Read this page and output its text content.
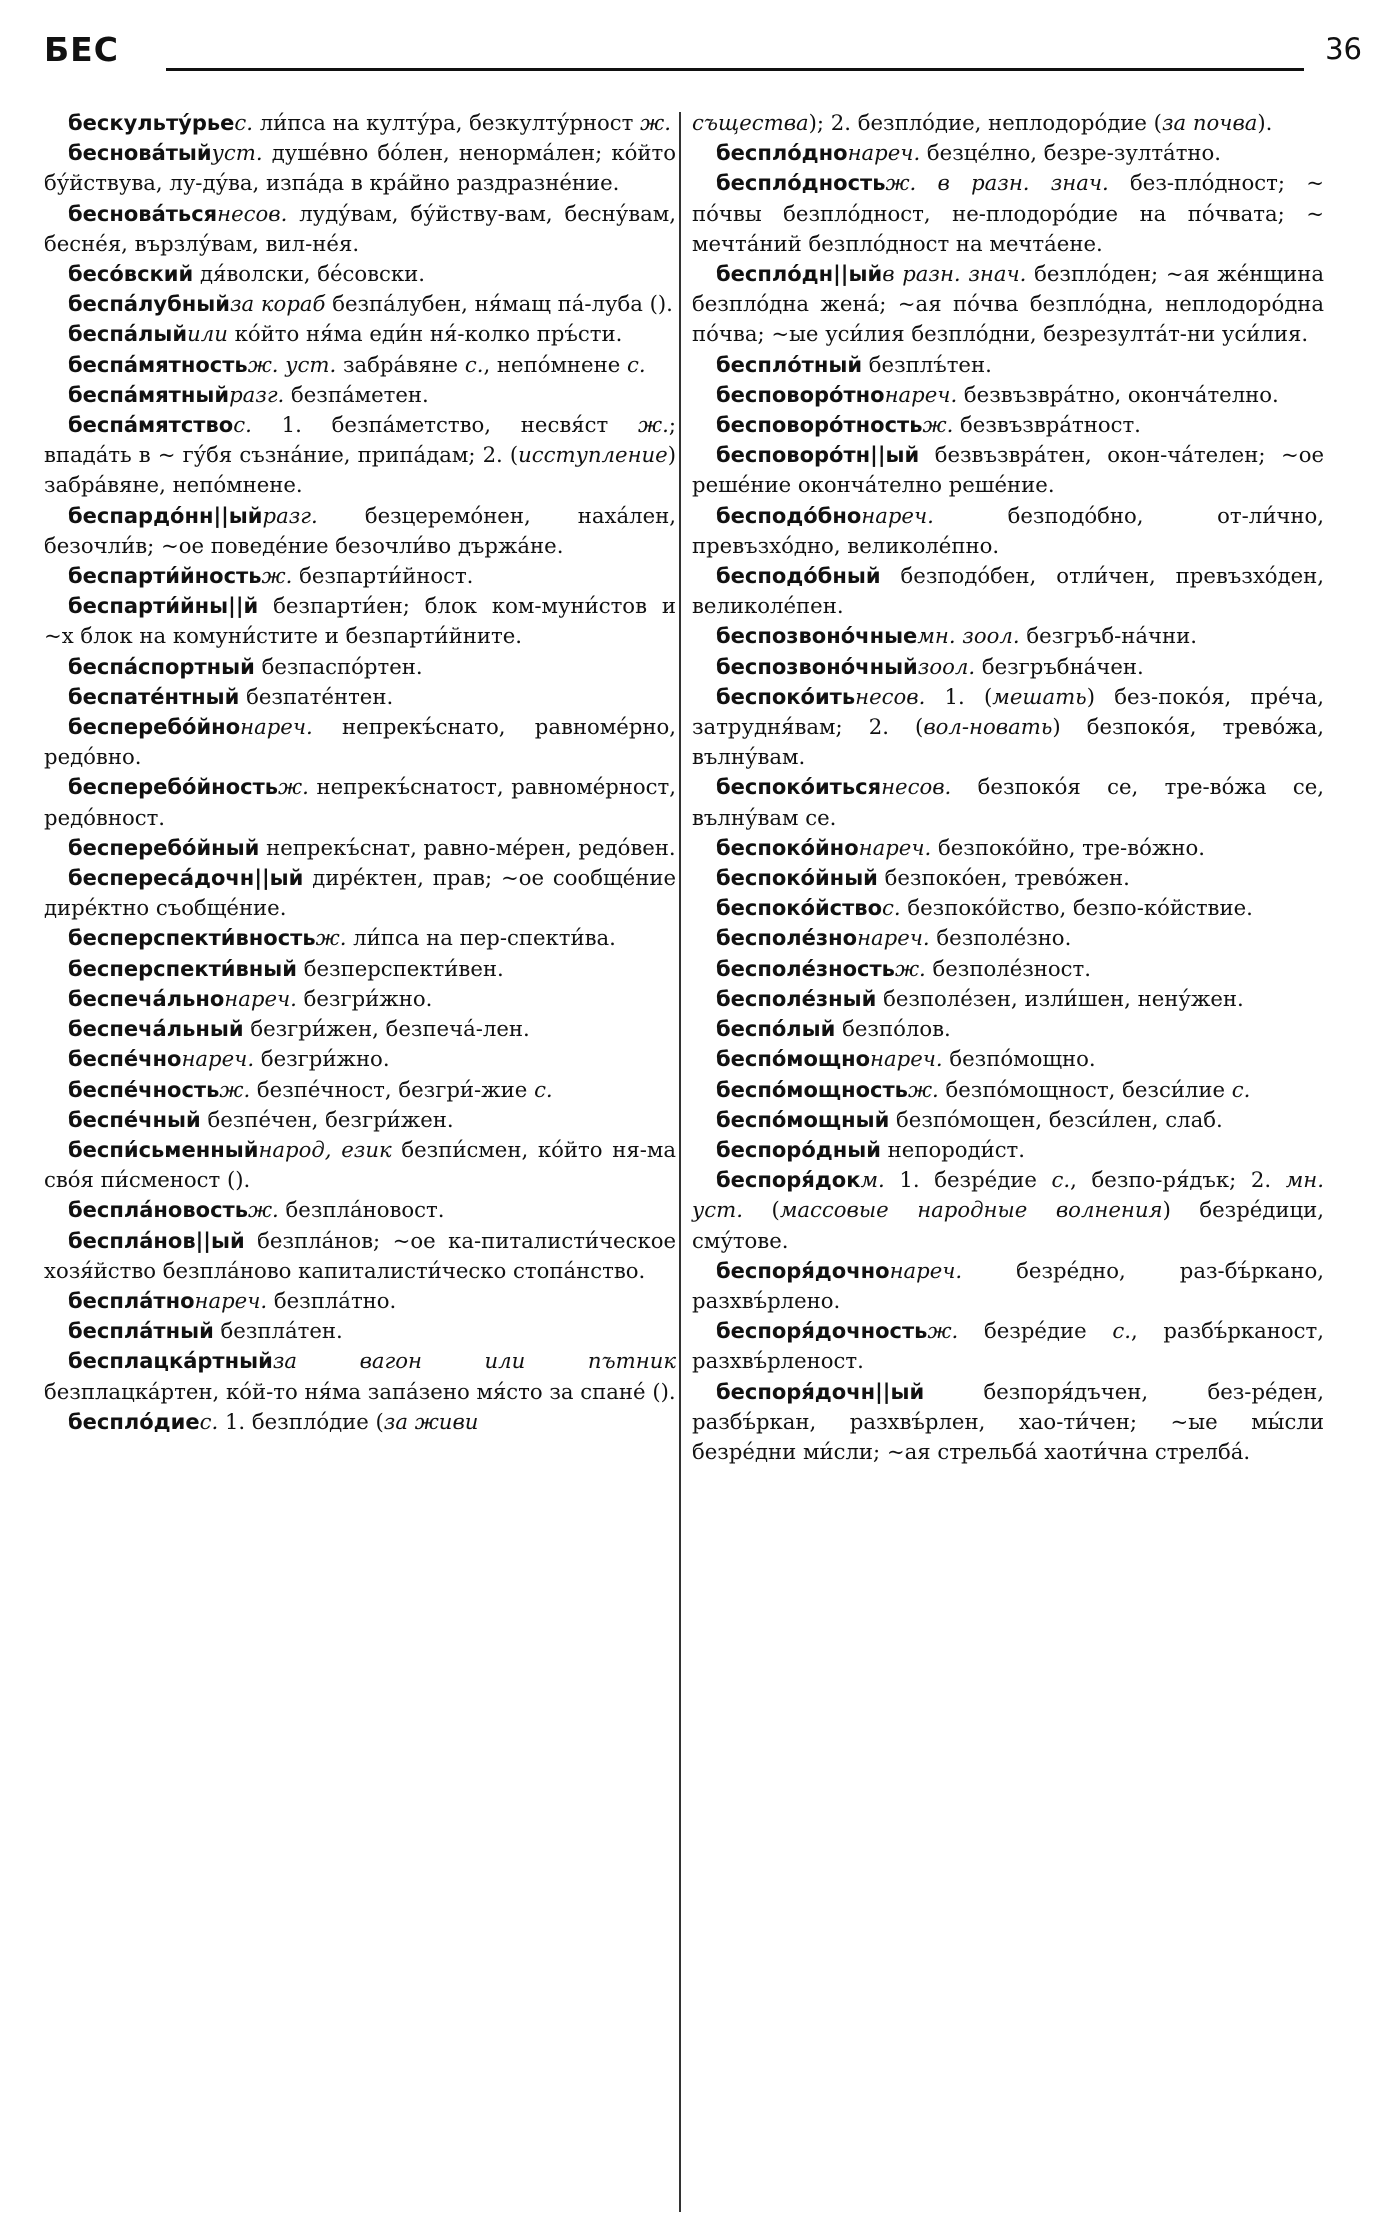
БЕС	36

бескульту́рьес. ли́пса на култу́ра, безкулту́рност ж.

бесновáтыйуст. душе́вно бо́лен, ненормáлен; ко́йто бу́йствува, лу-ду́ва, изпáда в крáйно раздразне́ние.

бесновáтьсянесов. луду́вам, бу́йству-вам, бесну́вам, беснéя, вързлу́вам, вил-не́я.

бесо́вский дя́волски, бе́совски.

беспáлубныйза кораб безпáлубен, ня́мащ пá-луба ().

беспáлыйили ко́йто ня́ма еди́н ня́-колко пръ́сти.

беспáмятностьж. уст. забрáвяне с., непо́мнене с.

беспáмятныйразг. безпáметен.

беспáмятствос. 1. безпáметство, несвя́ст ж.; впадáть в ~ гу́бя съзнáние, припáдам; 2. (исступление) забрáвяне, непо́мнене.

беспардо́нн||ыйразг. безцеремо́нен, нахáлен, безочли́в; ~ое поведе́ние безочли́во държáне.

беспарти́йностьж. безпарти́йност.

беспарти́йны||й безпарти́ен; блок ком-муни́стов и ~х блок на комуни́стите и безпарти́йните.

беспáспортный безпаспо́ртен.

беспатéнтный безпатéнтен.

бесперебо́йнонареч. непрекъ́снато, равноме́рно, редо́вно.

бесперебо́йностьж. непрекъ́снатост, равноме́рност, редо́вност.

бесперебо́йный непрекъ́снат, равно-ме́рен, редо́вен.

беспересáдочн||ый дире́ктен, прав; ~ое сообще́ние дире́ктно съобще́ние.

бесперспекти́вностьж. ли́пса на пер-спекти́ва.

бесперспекти́вный безперспекти́вен.

беспечáльнонареч. безгри́жно.

беспечáльный безгри́жен, безпечá-лен.

беспе́чнонареч. безгри́жно.

беспе́чностьж. безпе́чност, безгри́-жие с.

беспе́чный безпе́чен, безгри́жен.

беспи́сьменныйнарод, език безпи́смен, ко́йто ня-ма свóя пи́сменост ().

бесплáновостьж. безплáновост.

бесплáнов||ый безплáнов; ~ое ка-питалисти́ческое хозя́йство безплáново капиталисти́ческо стопáнство.

бесплáтнонареч. безплáтно.

бесплáтный безплáтен.

бесплацкáртныйза вагон или пътник безплацкáртен, ко́й-то ня́ма запáзено мя́сто за спанé ().

беспло́диес. 1. безпло́дие (за живи

същества); 2. безпло́дие, неплодоро́дие (за почва).

беспло́днонареч. безцéлно, безре-зултáтно.

беспло́дностьж. в разн. знач. без-пло́дност; ~ по́чвы безпло́дност, не-плодоро́дие на по́чвата; ~ мечтáний безпло́дност на мечтáене.

беспло́дн||ыйв разн. знач. безпло́ден; ~ая же́нщина безпло́дна женá; ~ая по́чва безпло́дна, неплодоро́дна по́чва; ~ые уси́лия безпло́дни, безрезултáт-ни уси́лия.

беспло́тный безплъ́тен.

бесповоро́тнонареч. безвъзврáтно, окончáтелно.

бесповоро́тностьж. безвъзврáтност.

бесповоро́тн||ый безвъзврáтен, окон-чáтелен; ~ое реше́ние окончáтелно реше́ние.

бесподо́бнонареч. безподо́бно, от-ли́чно, превъзхо́дно, великоле́пно.

бесподо́бный безподо́бен, отли́чен, превъзхо́ден, великоле́пен.

беспозвоно́чныемн. зоол. безгръб-нáчни.

беспозвоно́чныйзоол. безгръбнáчен.

беспоко́итьнесов. 1. (мешать) без-поко́я, пре́ча, затрудня́вам; 2. (вол-новать) безпоко́я, трево́жа, вълну́вам.

беспоко́итьсянесов. безпоко́я се, тре-во́жа се, вълну́вам се.

беспоко́йнонареч. безпоко́йно, тре-во́жно.

беспоко́йный безпоко́ен, трево́жен.

беспоко́йствос. безпоко́йство, безпо-ко́йствие.

бесполе́знонареч. безполе́зно.

бесполе́зностьж. безполе́зност.

бесполе́зный безполе́зен, изли́шен, нену́жен.

беспо́лый безпо́лов.

беспо́мощнонареч. безпо́мощно.

беспо́мощностьж. безпо́мощност, безси́лие с.

беспо́мощный безпо́мощен, безси́лен, слаб.

беспоро́дный непороди́ст.

беспоря́докм. 1. безре́дие с., безпо-ря́дък; 2. мн. уст. (массовые народные волнения) безре́дици, сму́тове.

беспоря́дочнонареч. безре́дно, раз-бъ́ркано, разхвъ́рлено.

беспоря́дочностьж. безре́дие с., разбъ́рканост, разхвъ́рленост.

беспоря́дочн||ый безпоря́дъчен, без-ре́ден, разбъ́ркан, разхвъ́рлен, хао-ти́чен; ~ые мы́сли безре́дни ми́сли; ~ая стрельбá хаоти́чна стрелбá.
